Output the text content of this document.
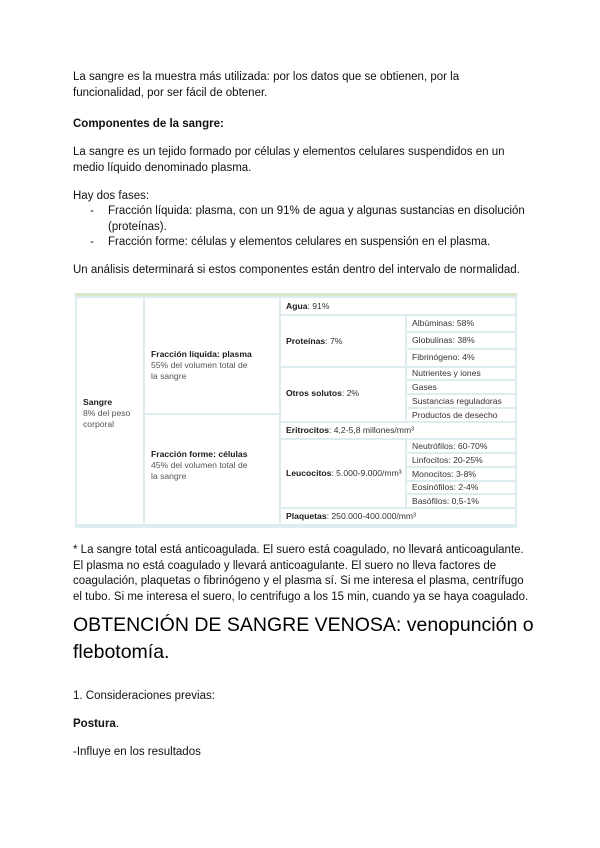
La sangre es la muestra más utilizada: por los datos que se obtienen, por la funcionalidad, por ser fácil de obtener.

Componentes de la sangre:

La sangre es un tejido formado por células y elementos celulares suspendidos en un medio líquido denominado plasma.

Hay dos fases:

- Fracción líquida: plasma, con un 91% de agua y algunas sustancias en disolución (proteínas).
- Fracción forme: células y elementos celulares en suspensión en el plasma.

Un análisis determinará si estos componentes están dentro del intervalo de normalidad.

Sangre
8% del peso corporal
Fracción líquida: plasma
55% del volumen total de la sangre
Fracción forme: células
45% del volumen total de la sangre
Agua: 91%
Proteínas: 7%
Otros solutos: 2%
Eritrocitos: 4,2-5,8 millones/mm³
Leucocitos: 5.000-9.000/mm³
Plaquetas: 250.000-400.000/mm³
Albúminas: 58%
Globulinas: 38%
Fibrinógeno: 4%
Nutrientes y iones
Gases
Sustancias reguladoras
Productos de desecho
Neutrófilos: 60-70%
Linfocitos: 20-25%
Monocitos: 3-8%
Eosinófilos: 2-4%
Basófilos: 0,5-1%

* La sangre total está anticoagulada. El suero está coagulado, no llevará anticoagulante. El plasma no está coagulado y llevará anticoagulante. El suero no lleva factores de coagulación, plaquetas o fibrinógeno y el plasma sí. Si me interesa el plasma, centrífugo el tubo. Si me interesa el suero, lo centrifugo a los 15 min, cuando ya se haya coagulado.

OBTENCIÓN DE SANGRE VENOSA: venopunción o flebotomía.

1. Consideraciones previas:

Postura.

-Influye en los resultados
